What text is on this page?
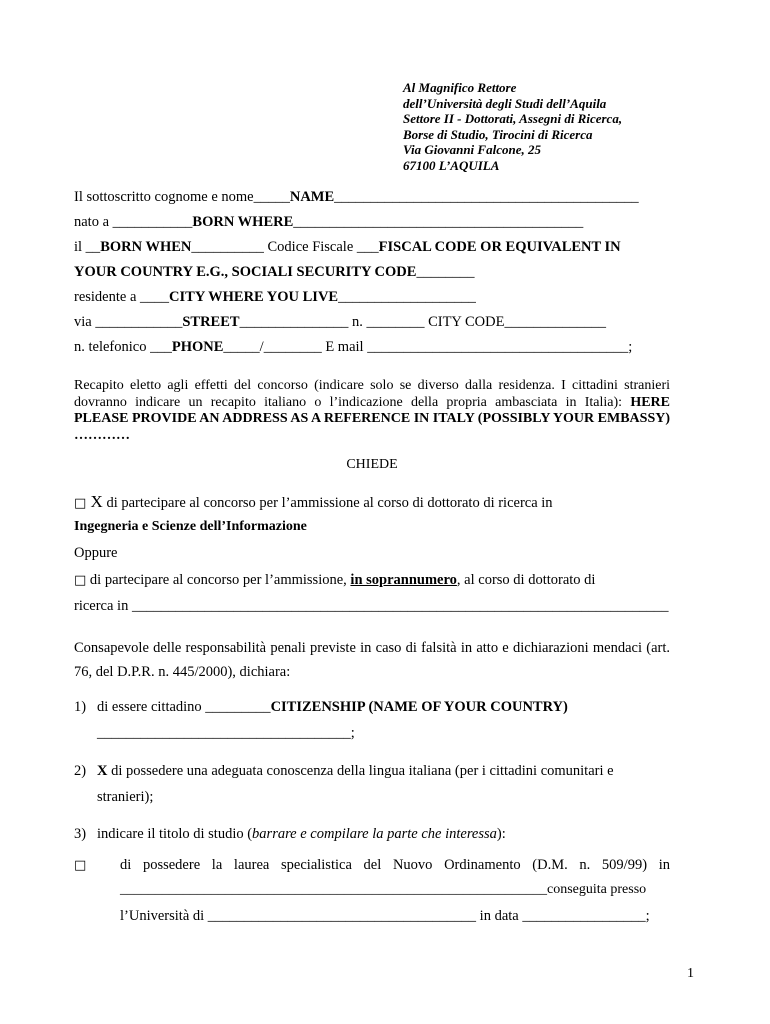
Al Magnifico Rettore
dell’Università degli Studi dell’Aquila
Settore II - Dottorati, Assegni di Ricerca,
Borse di Studio, Tirocini di Ricerca
Via Giovanni Falcone, 25
67100 L’AQUILA
Il sottoscritto cognome e nome_____NAME__________________________________________
nato a ___________BORN WHERE________________________________________
il __BORN WHEN__________ Codice Fiscale ___FISCAL CODE OR EQUIVALENT IN
YOUR COUNTRY E.G., SOCIALI SECURITY CODE________
residente a ____CITY WHERE YOU LIVE___________________
via ____________STREET_______________ n. ________ CITY CODE______________
n. telefonico ___PHONE_____/________ E mail ____________________________________;
Recapito eletto agli effetti del concorso (indicare solo se diverso dalla residenza. I cittadini stranieri dovranno indicare un recapito italiano o l’indicazione della propria ambasciata in Italia): HERE PLEASE PROVIDE AN ADDRESS AS A REFERENCE IN ITALY (POSSIBLY YOUR EMBASSY) …………
CHIEDE
□ X di partecipare al concorso per l’ammissione al corso di dottorato di ricerca in
Ingegneria e Scienze dell’Informazione
Oppure
□ di partecipare al concorso per l’ammissione, in soprannumero, al corso di dottorato di
ricerca in __________________________________________________________________________
Consapevole delle responsabilità penali previste in caso di falsità in atto e dichiarazioni mendaci (art. 76, del D.P.R. n. 445/2000), dichiara:
1) di essere cittadino _________CITIZENSHIP (NAME OF YOUR COUNTRY)
___________________________________;
2) X di possedere una adeguata conoscenza della lingua italiana (per i cittadini comunitari e
stranieri);
3) indicare il titolo di studio (barrare e compilare la parte che interessa):
□ di possedere la laurea specialistica del Nuovo Ordinamento (D.M. n. 509/99) in
_____________________________________________________________conseguita presso
l’Università di _____________________________________ in data _________________;
1
